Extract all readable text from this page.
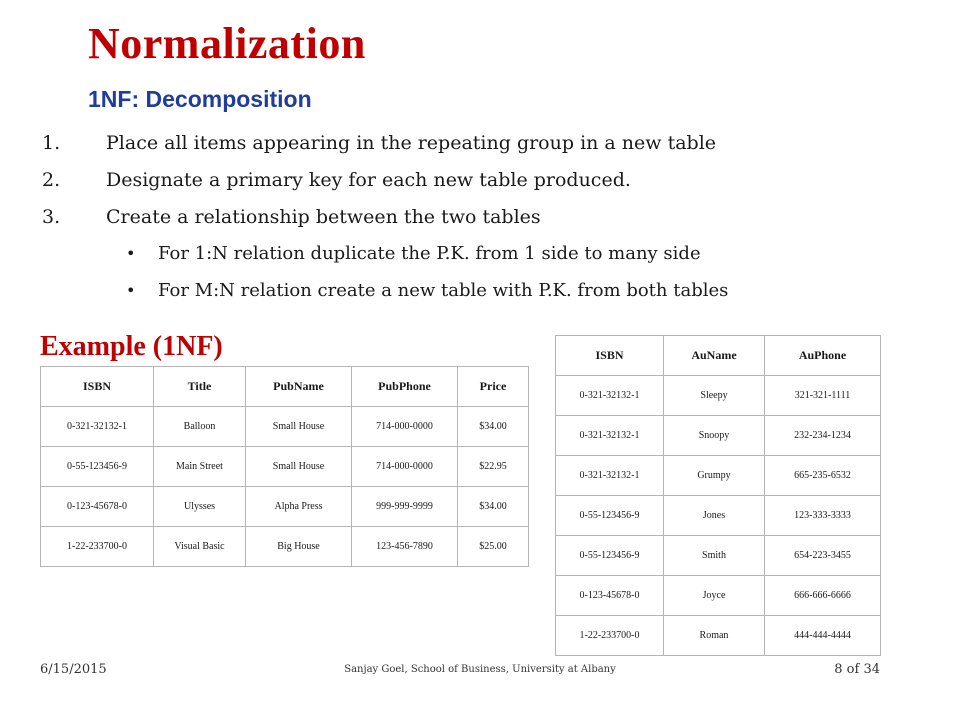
Normalization
1NF: Decomposition
1.	Place all items appearing in the repeating group in a new table
2.	Designate a primary key for each new table produced.
3.	Create a relationship between the two tables
• For 1:N relation duplicate the P.K. from 1 side to many side
• For M:N relation create a new table with P.K. from both tables
Example (1NF)
ISBN	Title	PubName	PubPhone	Price
0-321-32132-1	Balloon	Small House	714-000-0000	$34.00
0-55-123456-9	Main Street	Small House	714-000-0000	$22.95
0-123-45678-0	Ulysses	Alpha Press	999-999-9999	$34.00
1-22-233700-0	Visual Basic	Big House	123-456-7890	$25.00
ISBN	AuName	AuPhone
0-321-32132-1	Sleepy	321-321-1111
0-321-32132-1	Snoopy	232-234-1234
0-321-32132-1	Grumpy	665-235-6532
0-55-123456-9	Jones	123-333-3333
0-55-123456-9	Smith	654-223-3455
0-123-45678-0	Joyce	666-666-6666
1-22-233700-0	Roman	444-444-4444
6/15/2015	Sanjay Goel, School of Business, University at Albany	8 of 34
